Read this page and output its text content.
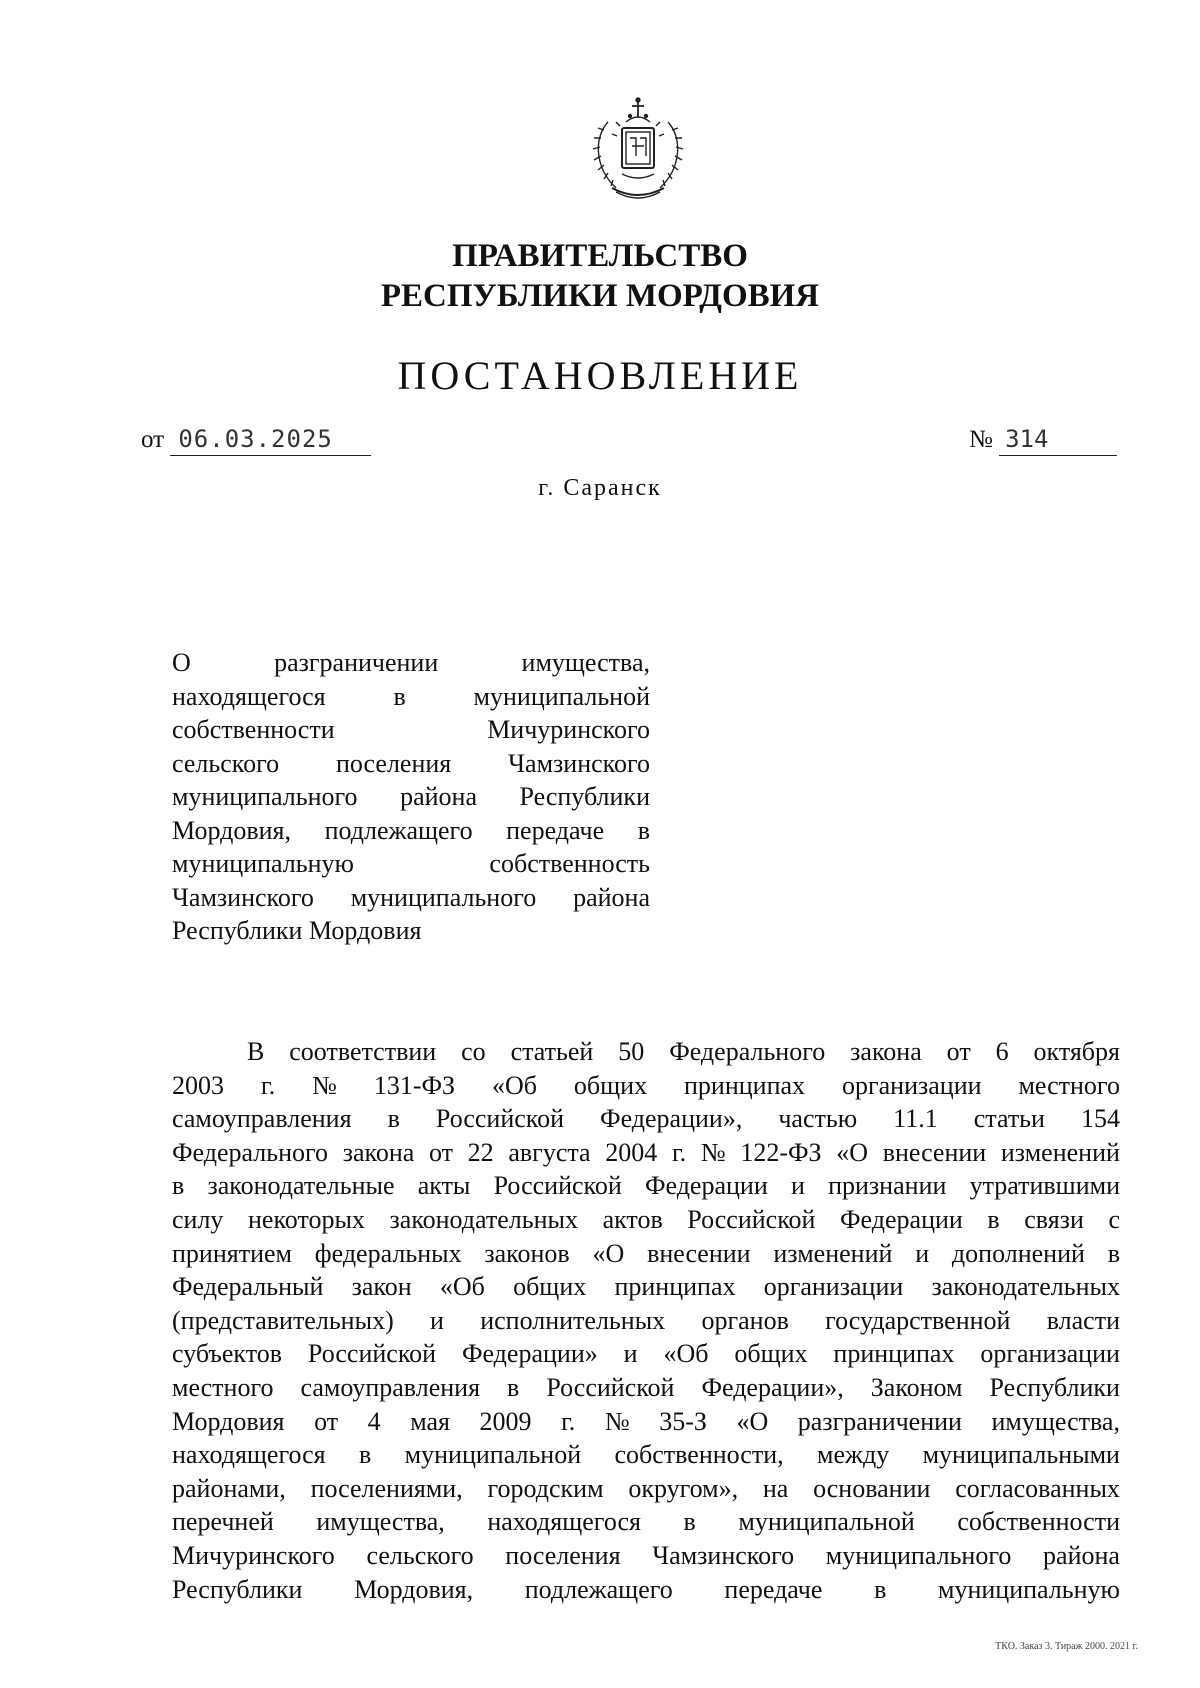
ПРАВИТЕЛЬСТВО
РЕСПУБЛИКИ МОРДОВИЯ
ПОСТАНОВЛЕНИЕ
от 06.03.2025	№ 314
г. Саранск
О	разграничении	имущества,
находящегося	в	муниципальной
собственности	Мичуринского
сельского поселения Чамзинского
муниципального района Республики
Мордовия, подлежащего передаче в
муниципальную	собственность
Чамзинского муниципального района
Республики Мордовия
В соответствии со статьей 50 Федерального закона от 6 октября
2003 г. № 131-ФЗ «Об общих принципах организации местного
самоуправления в Российской Федерации», частью 11.1 статьи 154
Федерального закона от 22 августа 2004 г. № 122-ФЗ «О внесении изменений
в законодательные акты Российской Федерации и признании утратившими
силу некоторых законодательных актов Российской Федерации в связи с
принятием федеральных законов «О внесении изменений и дополнений в
Федеральный закон «Об общих принципах организации законодательных
(представительных) и исполнительных органов государственной власти
субъектов Российской Федерации» и «Об общих принципах организации
местного самоуправления в Российской Федерации», Законом Республики
Мордовия от 4 мая 2009 г. № 35-З «О разграничении имущества,
находящегося в муниципальной собственности, между муниципальными
районами, поселениями, городским округом», на основании согласованных
перечней имущества, находящегося в муниципальной собственности
Мичуринского сельского поселения Чамзинского муниципального района
Республики Мордовия, подлежащего передаче в муниципальную
ТКО. Заказ 3. Тираж 2000. 2021 г.
